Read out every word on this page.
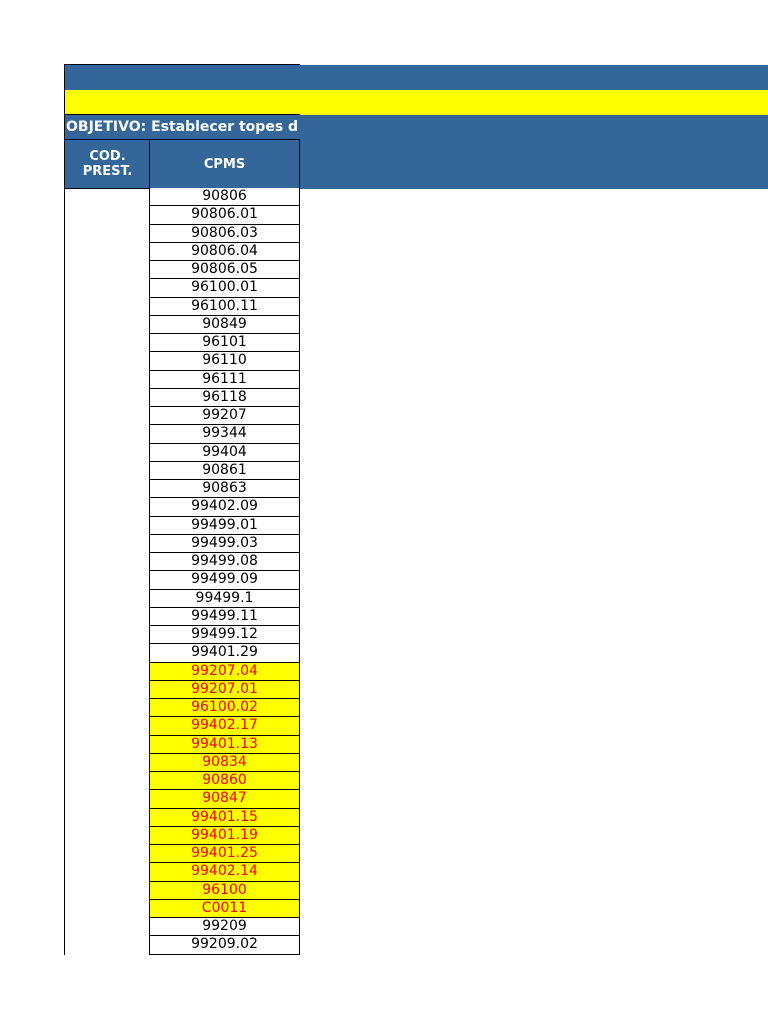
OBJETIVO: Establecer topes d
COD. PREST.	CPMS
90806
90806.01
90806.03
90806.04
90806.05
96100.01
96100.11
90849
96101
96110
96111
96118
99207
99344
99404
90861
90863
99402.09
99499.01
99499.03
99499.08
99499.09
99499.1
99499.11
99499.12
99401.29
99207.04
99207.01
96100.02
99402.17
99401.13
90834
90860
90847
99401.15
99401.19
99401.25
99402.14
96100
C0011
99209
99209.02
